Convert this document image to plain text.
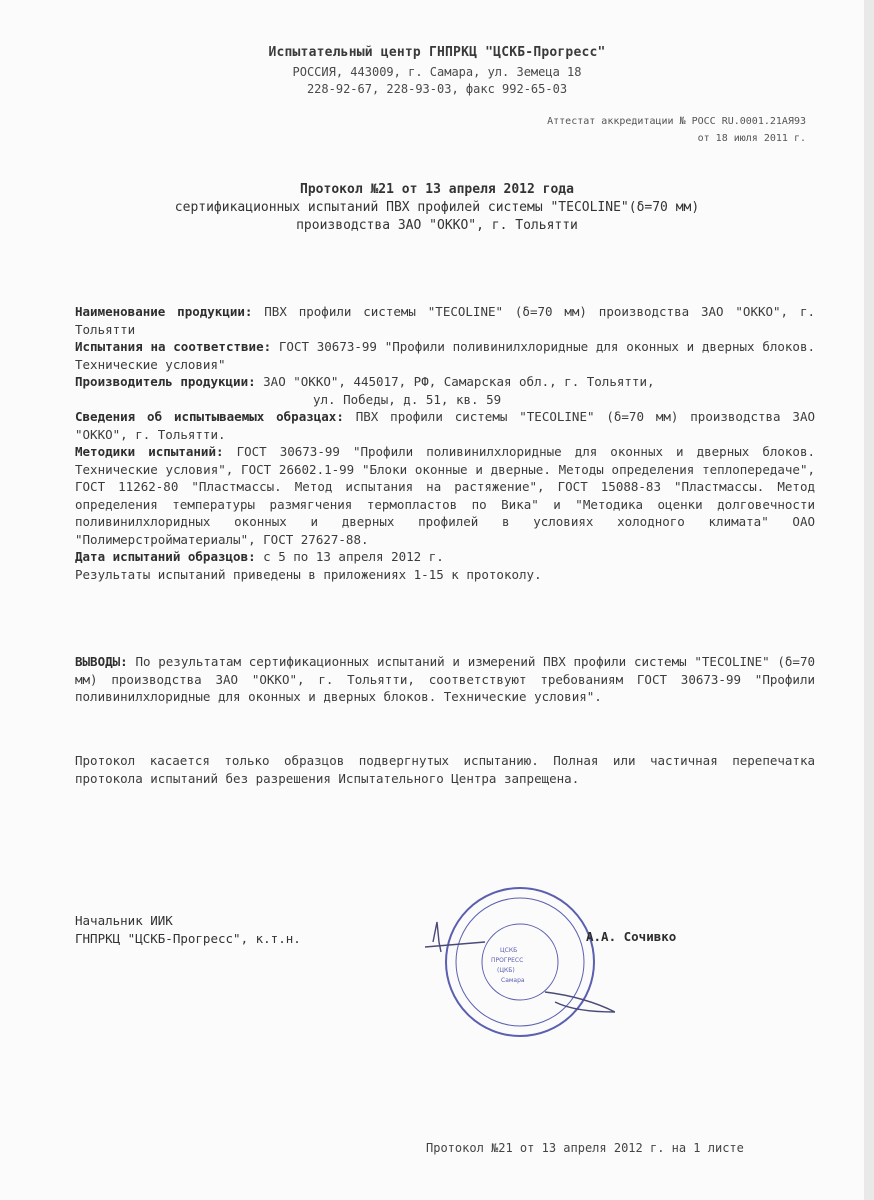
Испытательный центр ГНПРКЦ "ЦСКБ-Прогресс"
РОССИЯ, 443009, г. Самара, ул. Земеца 18
228-92-67, 228-93-03, факс 992-65-03
Аттестат аккредитации № РОСС RU.0001.21АЯ93
от 18 июля 2011 г.
Протокол №21 от 13 апреля 2012 года
сертификационных испытаний ПВХ профилей системы "TECOLINE"(δ=70 мм)
производства ЗАО "ОККО", г. Тольятти

Наименование продукции: ПВХ профили системы "TECOLINE" (δ=70 мм) производства ЗАО "ОККО", г. Тольятти

Испытания на соответствие: ГОСТ 30673-99 "Профили поливинилхлоридные для оконных и дверных блоков. Технические условия"

Производитель продукции: ЗАО "ОККО", 445017, РФ, Самарская обл., г. Тольятти,

ул. Победы, д. 51, кв. 59

Сведения об испытываемых образцах: ПВХ профили системы "TECOLINE" (δ=70 мм) производства ЗАО "ОККО", г. Тольятти.

Методики испытаний: ГОСТ 30673-99 "Профили поливинилхлоридные для оконных и дверных блоков. Технические условия", ГОСТ 26602.1-99 "Блоки оконные и дверные. Методы определения теплопередаче", ГОСТ 11262-80 "Пластмассы. Метод испытания на растяжение", ГОСТ 15088-83 "Пластмассы. Метод определения температуры размягчения термопластов по Вика" и "Методика оценки долговечности поливинилхлоридных оконных и дверных профилей в условиях холодного климата" ОАО "Полимерстройматериалы", ГОСТ 27627-88.

Дата испытаний образцов: с 5 по 13 апреля 2012 г.

Результаты испытаний приведены в приложениях 1-15 к протоколу.

ВЫВОДЫ: По результатам сертификационных испытаний и измерений ПВХ профили системы "TECOLINE" (δ=70 мм) производства ЗАО "ОККО", г. Тольятти, соответствуют требованиям ГОСТ 30673-99 "Профили поливинилхлоридные для оконных и дверных блоков. Технические условия".

Протокол касается только образцов подвергнутых испытанию. Полная или частичная перепечатка протокола испытаний без разрешения Испытательного Центра запрещена.

Начальник ИИК
ГНПРКЦ "ЦСКБ-Прогресс", к.т.н.
ЦСКБ
ПРОГРЕСС
(ЦКБ)
Самара
А.А. Сочивко
Протокол №21 от 13 апреля 2012 г. на 1 листе
